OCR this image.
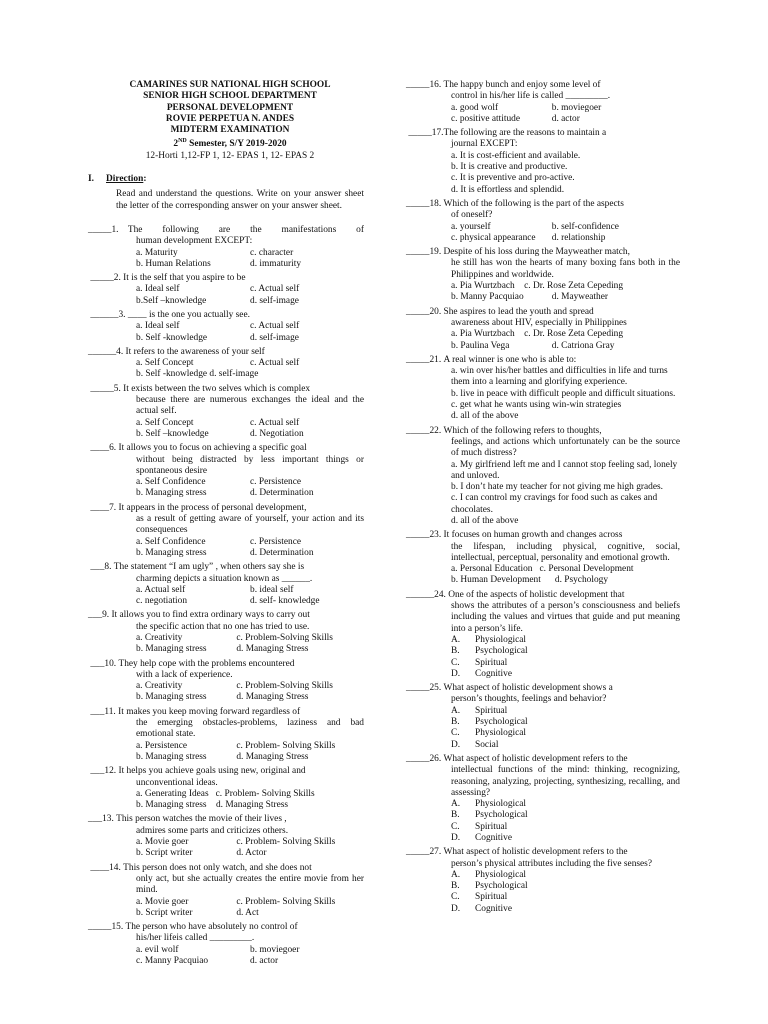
CAMARINES SUR NATIONAL HIGH SCHOOL
SENIOR HIGH SCHOOL DEPARTMENT
PERSONAL DEVELOPMENT
ROVIE PERPETUA N. ANDES
MIDTERM EXAMINATION
2ND Semester, S/Y 2019-2020
12-Horti 1,12-FP 1, 12- EPAS 1, 12- EPAS 2
I. Direction:
Read and understand the questions. Write on your answer sheet the letter of the corresponding answer on your answer sheet.
_____1.
The following are the manifestations of
human development EXCEPT:
a. Maturity	c. character
b. Human Relations	d. immaturity
_____2.
It is the self that you aspire to be
a. Ideal self	c. Actual self
b.Self –knowledge	d. self-image
______3.
____ is the one you actually see.
a. Ideal self	c. Actual self
b. Self -knowledge	d. self-image
______4.
It refers to the awareness of your self
a. Self Concept	c. Actual self
b. Self -knowledge d. self-image
_____5.
It exists between the two selves which is complex
because there are numerous exchanges the ideal and the actual self.
a. Self Concept	c. Actual self
b. Self –knowledge	d. Negotiation
____6.
It allows you to focus on achieving a specific goal
without being distracted by less important things or spontaneous desire
a. Self Confidence	c. Persistence
b. Managing stress	d. Determination
____7.
It appears in the process of personal development,
as a result of getting aware of yourself, your action and its consequences
a. Self Confidence	c. Persistence
b. Managing stress	d. Determination
___8.
The statement “I am ugly” , when others say she is
charming depicts a situation known as ______.
a. Actual self	b. ideal self
c. negotiation	d. self- knowledge
___9.
It allows you to find extra ordinary ways to carry out
the specific action that no one has tried to use.
a. Creativity	c. Problem-Solving Skills
b. Managing stress	d. Managing Stress
___10.
They help cope with the problems encountered
with a lack of experience.
a. Creativity	c. Problem-Solving Skills
b. Managing stress	d. Managing Stress
___11.
It makes you keep moving forward regardless of
the emerging obstacles-problems, laziness and bad emotional state.
a. Persistence	c. Problem- Solving Skills
b. Managing stress	d. Managing Stress
___12.
It helps you achieve goals using new, original and
unconventional ideas.
a. Generating Ideas   c. Problem- Solving Skills
b. Managing stress    d. Managing Stress
___13.
This person watches the movie of their lives ,
admires some parts and criticizes others.
a. Movie goer	c. Problem- Solving Skills
b. Script writer	d. Actor
____14.
This person does not only watch, and she does not
only act, but she actually creates the entire movie from her mind.
a. Movie goer	c. Problem- Solving Skills
b. Script writer	d. Act
_____15.
The person who have absolutely no control of
his/her lifeis called _________.
a. evil wolf	b. moviegoer
c. Manny Pacquiao	d. actor
_____16.
The happy bunch and enjoy some level of
control in his/her life is called _________.
a. good wolf	b. moviegoer
c. positive attitude	d. actor
_____17. The following are the reasons to maintain a
journal EXCEPT:
a. It is cost-efficient and available.
b. It is creative and productive.
c. It is preventive and pro-active.
d. It is effortless and splendid.
_____18.
Which of the following is the part of the aspects
of oneself?
a. yourself	b. self-confidence
c. physical appearance	d. relationship
_____19.
Despite of his loss during the Mayweather match,
he still has won the hearts of many boxing fans both in the Philippines and worldwide.
a. Pia Wurtzbach    c. Dr. Rose Zeta Cepeding
b. Manny Pacquiao	d. Mayweather
_____20.
She aspires to lead the youth and spread
awareness about HIV, especially in Philippines
a. Pia Wurtzbach    c. Dr. Rose Zeta Cepeding
b. Paulina Vega	d. Catriona Gray
_____21.
A real winner is one who is able to:
a. win over his/her battles and difficulties in life and turns them into a learning and glorifying experience.
b. live in peace with difficult people and difficult situations.
c. get what he wants using win-win strategies
d. all of the above
_____22.
Which of the following refers to thoughts,
feelings, and actions which unfortunately can be the source of much distress?
a. My girlfriend left me and I cannot stop feeling sad, lonely and unloved.
b. I don’t hate my teacher for not giving me high grades.
c. I can control my cravings for food such as cakes and chocolates.
d. all of the above
_____23.
It focuses on human growth and changes across
the lifespan, including physical, cognitive, social, intellectual, perceptual, personality and emotional growth.
a. Personal Education   c. Personal Development
b. Human Development      d. Psychology
______24.
One of the aspects of holistic development that
shows the attributes of a person’s consciousness and beliefs including the values and virtues that guide and put meaning into a person’s life.
A.	Physiological
B.	Psychological
C.	Spiritual
D.	Cognitive
_____25.
What aspect of holistic development shows a
person’s thoughts, feelings and behavior?
A.	Spiritual
B.	Psychological
C.	Physiological
D.	Social
_____26.
What aspect of holistic development refers to the
intellectual functions of the mind: thinking, recognizing, reasoning, analyzing, projecting, synthesizing, recalling, and assessing?
A.	Physiological
B.	Psychological
C.	Spiritual
D.	Cognitive
_____27.
What aspect of holistic development refers to the
person’s physical attributes including the five senses?
A.	Physiological
B.	Psychological
C.	Spiritual
D.	Cognitive
